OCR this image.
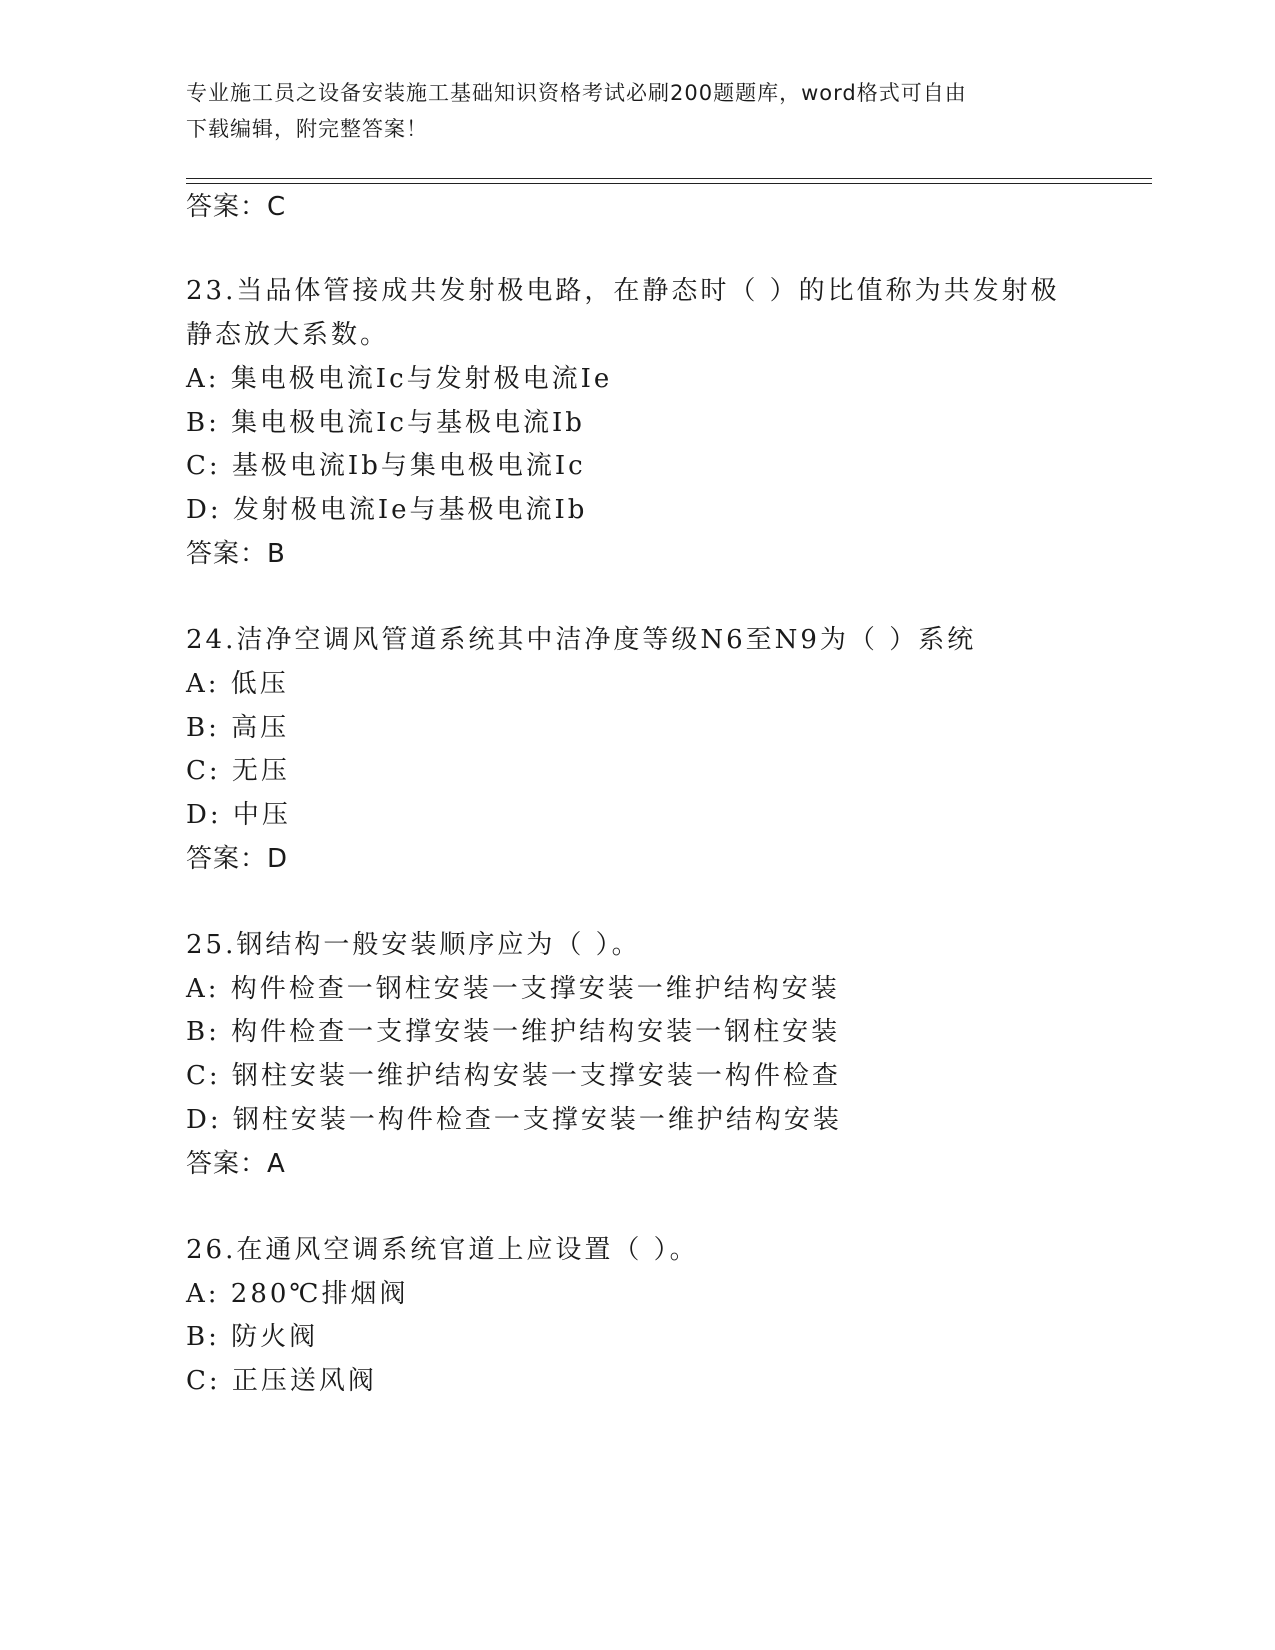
专业施工员之设备安装施工基础知识资格考试必刷200题题库，word格式可自由
下载编辑，附完整答案！
答案：C
23.当品体管接成共发射极电路，在静态时（ ）的比值称为共发射极
静态放大系数。
A: 集电极电流Ic与发射极电流Ie
B: 集电极电流Ic与基极电流Ib
C: 基极电流Ib与集电极电流Ic
D: 发射极电流Ie与基极电流Ib
答案：B
24.洁净空调风管道系统其中洁净度等级N6至N9为（ ）系统
A: 低压
B: 高压
C: 无压
D: 中压
答案：D
25.钢结构一般安装顺序应为（ ）。
A: 构件检查一钢柱安装一支撑安装一维护结构安装
B: 构件检查一支撑安装一维护结构安装一钢柱安装
C: 钢柱安装一维护结构安装一支撑安装一构件检查
D: 钢柱安装一构件检查一支撑安装一维护结构安装
答案：A
26.在通风空调系统官道上应设置（ ）。
A: 280℃排烟阀
B: 防火阀
C: 正压送风阀
